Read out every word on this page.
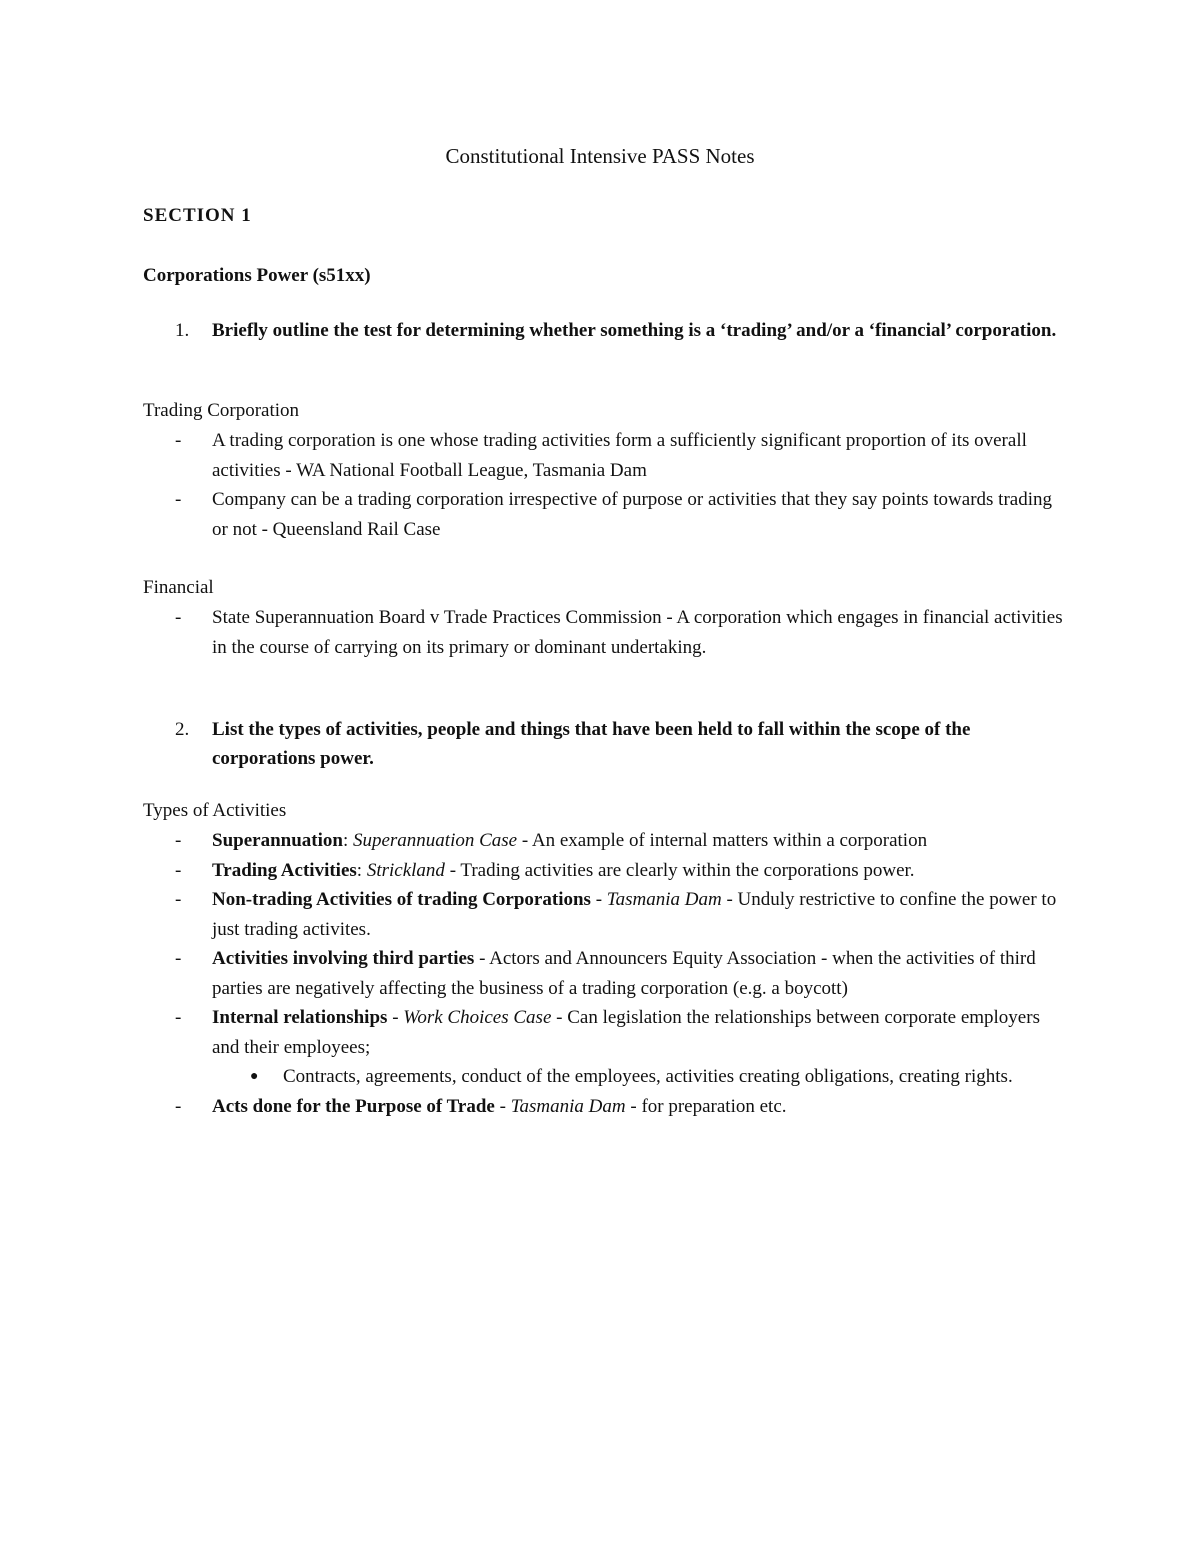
Constitutional Intensive PASS Notes
SECTION 1
Corporations Power (s51xx)
1. Briefly outline the test for determining whether something is a ‘trading’ and/or a ‘financial’ corporation.
Trading Corporation
- A trading corporation is one whose trading activities form a sufficiently significant proportion of its overall activities - WA National Football League, Tasmania Dam
- Company can be a trading corporation irrespective of purpose or activities that they say points towards trading or not - Queensland Rail Case
Financial
- State Superannuation Board v Trade Practices Commission - A corporation which engages in financial activities in the course of carrying on its primary or dominant undertaking.
2. List the types of activities, people and things that have been held to fall within the scope of the corporations power.
Types of Activities
- Superannuation: Superannuation Case - An example of internal matters within a corporation
- Trading Activities: Strickland - Trading activities are clearly within the corporations power.
- Non-trading Activities of trading Corporations - Tasmania Dam - Unduly restrictive to confine the power to just trading activites.
- Activities involving third parties - Actors and Announcers Equity Association - when the activities of third parties are negatively affecting the business of a trading corporation (e.g. a boycott)
- Internal relationships - Work Choices Case - Can legislation the relationships between corporate employers and their employees;
● Contracts, agreements, conduct of the employees, activities creating obligations, creating rights.
- Acts done for the Purpose of Trade - Tasmania Dam - for preparation etc.
